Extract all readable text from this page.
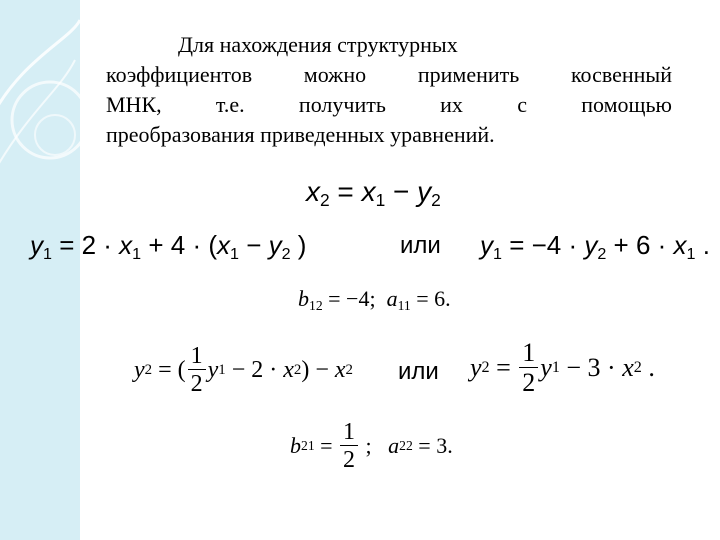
Для нахождения структурных
коэффициентов можно применить косвенный
МНК, т.е. получить их с помощью
преобразования приведенных уравнений.
$x_2 = x_1 - y_2$
$y_1 = 2 \cdot x_1 + 4 \cdot (x_1 - y_2$ )	или $y_1 = -4 \cdot y_2 + 6 \cdot x_1$ .
$b_{12} = -4$; $a_{11} = 6$.
y 2 = ( $\frac{1}{2}$ y 1 − 2 · x 2 ) − x 2 или y $2 = \frac{1}{2}$ y 1 − 3 · x 2 .
b $21 = \frac{1}{2}$ ;
a 22 = 3.
